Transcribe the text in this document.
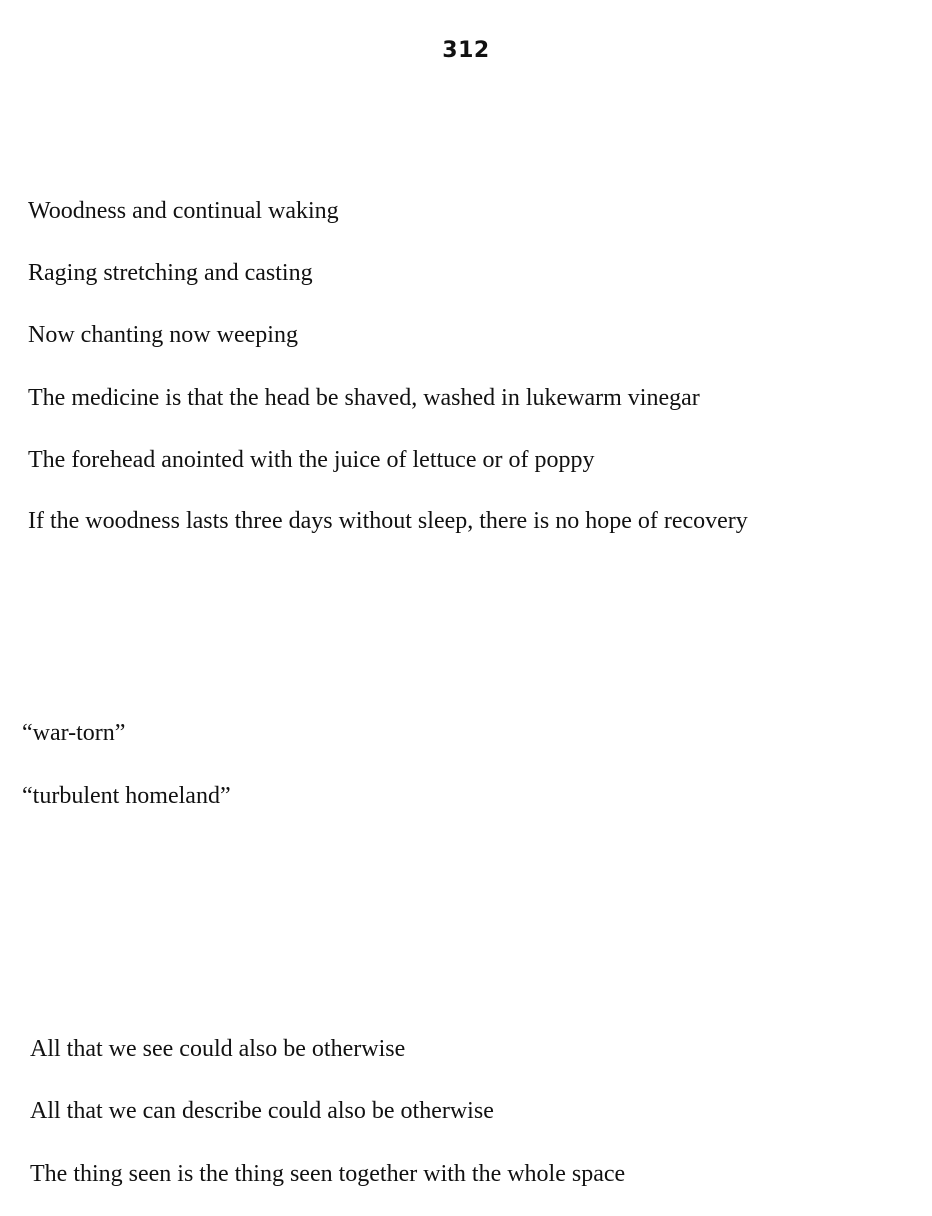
312
Woodness and continual waking
Raging stretching and casting
Now chanting now weeping
The medicine is that the head be shaved, washed in lukewarm vinegar
The forehead anointed with the juice of lettuce or of poppy
If the woodness lasts three days without sleep, there is no hope of recovery
“war-torn”
“turbulent homeland”
All that we see could also be otherwise
All that we can describe could also be otherwise
The thing seen is the thing seen together with the whole space
